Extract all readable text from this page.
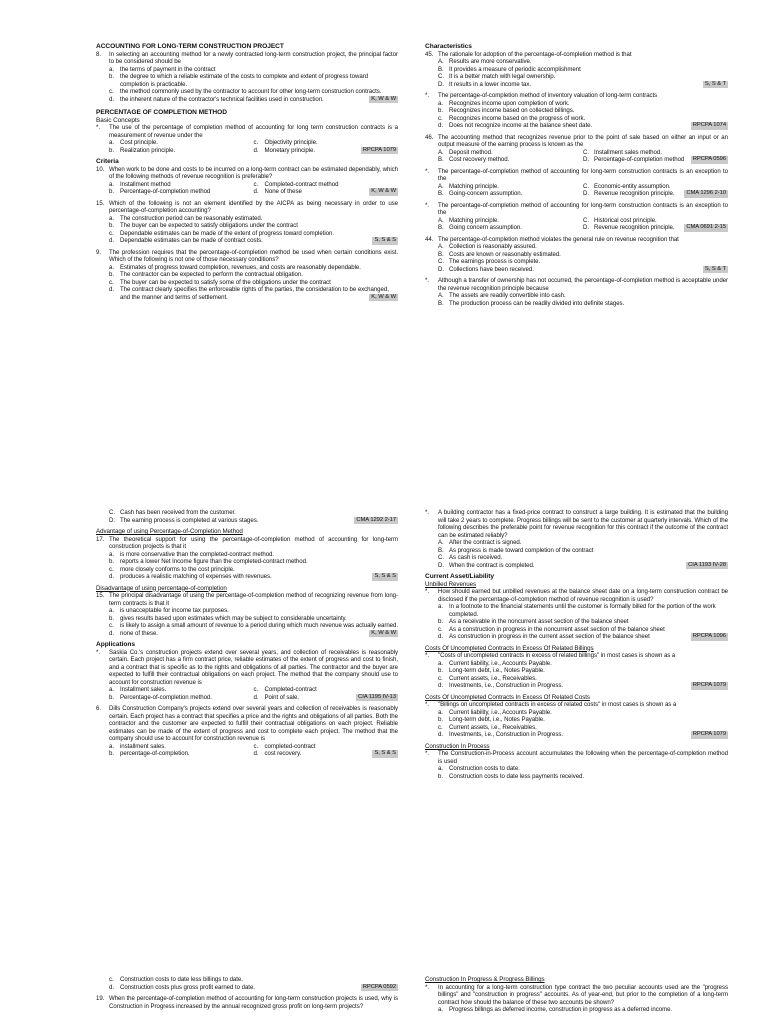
ACCOUNTING FOR LONG-TERM CONSTRUCTION PROJECT
8. In selecting an accounting method for a newly contracted long-term construction project, the principal factor to be considered should be
a. the terms of payment in the contract
b. the degree to which a reliable estimate of the costs to complete and extent of progress toward completion is practicable.
c. the method commonly used by the contractor to account for other long-term construction contracts.
d. the inherent nature of the contractor's technical facilities used in construction.	K, W & W
PERCENTAGE OF COMPLETION METHOD
Basic Concepts
*. The use of the percentage of completion method of accounting for long term construction contracts is a measurement of revenue under the
a. Cost principle.	c. Objectivity principle.
b. Realization principle.	d. Monetary principle.	RPCPA 1079
Criteria
10. When work to be done and costs to be incurred on a long-term contract can be estimated dependably, which of the following methods of revenue recognition is preferable?
a. Installment method	c. Completed-contract method
b. Percentage-of-completion method	d. None of these	K, W & W
15. Which of the following is not an element identified by the AICPA as being necessary in order to use percentage-of-completion accounting?
a. The construction period can be reasonably estimated.
b. The buyer can be expected to satisfy obligations under the contract
c. Dependable estimates can be made of the extent of progress toward completion.
d. Dependable estimates can be made of contract costs.	S, S & S
9. The profession requires that the percentage-of-completion method be used when certain conditions exist. Which of the following is not one of those necessary conditions?
a. Estimates of progress toward completion, revenues, and costs are reasonably dependable.
b. The contractor can be expected to perform the contractual obligation.
c. The buyer can be expected to satisfy some of the obligations under the contract
d. The contract clearly specifies the enforceable rights of the parties, the consideration to be exchanged, and the manner and terms of settlement.	K, W & W
Characteristics
45. The rationale for adoption of the percentage-of-completion method is that
A. Results are more conservative.
B. It provides a measure of periodic accomplishment
C. It is a better match with legal ownership.
D. It results in a lower income tax.	S, S & T
*. The percentage-of-completion method of inventory valuation of long-term contracts
a. Recognizes income upon completion of work.
b. Recognizes income based on collected billings.
c. Recognizes income based on the progress of work.
d. Does not recognize income at the balance sheet date.	RPCPA 1074
46. The accounting method that recognizes revenue prior to the point of sale based on either an input or an output measure of the earning process is known as the
A. Deposit method.	C. Installment sales method.
B. Cost recovery method.	D. Percentage-of-completion method	RPCPA 0596
*. The percentage-of-completion method of accounting for long-term construction contracts is an exception to the
A. Matching principle.	C. Economic-entity assumption.
B. Going-concern assumption.	D. Revenue recognition principle.	CMA 1296 2-10
*. The percentage-of-completion method of accounting for long-term construction contracts is an exception to the
A. Matching principle.	C. Historical cost principle.
B. Going concern assumption.	D. Revenue recognition principle.	CMA 0691 2-15
44. The percentage-of-completion method violates the general rule on revenue recognition that
A. Collection is reasonably assured.
B. Costs are known or reasonably estimated.
C. The earnings process is complete.
D. Collections have been received.	S, S & T
*. Although a transfer of ownership has not occurred, the percentage-of-completion method is acceptable under the revenue recognition principle because
A. The assets are readily convertible into cash.
B. The production process can be readily divided into definite stages.
C. Cash has been received from the customer.
D. The earning process is completed at various stages.	CMA 1292 2-17
Advantage of using Percentage-of-Completion Method
17. The theoretical support for using the percentage-of-completion method of accounting for long-term construction projects is that it
a. is more conservative than the completed-contract method.
b. reports a lower Net Income figure than the completed-contract method.
c. more closely conforms to the cost principle.
d. produces a realistic matching of expenses with revenues.	S, S & S
Disadvantage of using percentage-of-completion
15. The principal disadvantage of using the percentage-of-completion method of recognizing revenue from long-term contracts is that it
a. is unacceptable for income tax purposes.
b. gives results based upon estimates which may be subject to considerable uncertainty.
c. is likely to assign a small amount of revenue to a period during which much revenue was actually earned.
d. none of these.	K, W & W
Applications
*. Saskia Co.'s construction projects extend over several years, and collection of receivables is reasonably certain. Each project has a firm contract price, reliable estimates of the extent of progress and cost to finish, and a contract that is specific as to the rights and obligations of all parties. The contractor and the buyer are expected to fulfill their contractual obligations on each project. The method that the company should use to account for construction revenue is
a. Installment sales.	c. Completed-contract
b. Percentage-of-completion method.	d. Point of sale.	CIA 1195 IV-13
6. Dills Construction Company's projects extend over several years and collection of receivables is reasonably certain. Each project has a contract that specifies a price and the rights and obligations of all parties. Both the contractor and the customer are expected to fulfill their contractual obligations on each project. Reliable estimates can be made of the extent of progress and cost to complete each project. The method that the company should use to account for construction revenue is
a. installment sales.	c. completed-contract
b. percentage-of-completion.	d. cost recovery.	S, S & S
*. A building contractor has a fixed-price contract to construct a large building. It is estimated that the building will take 2 years to complete. Progress billings will be sent to the customer at quarterly intervals. Which of the following describes the preferable point for revenue recognition for this contract if the outcome of the contract can be estimated reliably?
A. After the contract is signed.
B. As progress is made toward completion of the contract
C. As cash is received.
D. When the contract is completed.	CIA 1193 IV-28
Current Asset/Liability
Unbilled Revenues
*. How should earned but unbilled revenues at the balance sheet date on a long-term construction contract be disclosed if the percentage-of-completion method of revenue recognition is used?
a. In a footnote to the financial statements until the customer is formally billed for the portion of the work completed.
b. As a receivable in the noncurrent asset section of the balance sheet
c. As a construction in progress in the noncurrent asset section of the balance sheet
d. As construction in progress in the current asset section of the balance sheet	RPCPA 1096
Costs Of Uncompleted Contracts In Excess Of Related Billings
*. "Costs of uncompleted contracts in excess of related billings" in most cases is shown as a
a. Current liability, i.e., Accounts Payable.
b. Long-term debt, i.e., Notes Payable.
c. Current assets, i.e., Receivables.
d. Investments, i.e., Construction in Progress.	RPCPA 1079
Costs Of Uncompleted Contracts In Excess Of Related Costs
*. "Billings on uncompleted contracts in excess of related costs" in most cases is shown as a
a. Current liability, i.e., Accounts Payable.
b. Long-term debt, i.e., Notes Payable.
c. Current assets, i.e., Receivables.
d. Investments, i.e., Construction in Progress.	RPCPA 1079
Construction In Process
*. The Construction-in-Process account accumulates the following when the percentage-of-completion method is used
a. Construction costs to date.
b. Construction costs to date less payments received.
c. Construction costs to date less billings to date.
d. Construction costs plus gross profit earned to date.	RPCPA 0592
19. When the percentage-of-completion method of accounting for long-term construction projects is used, why is Construction in Progress increased by the annual recognized gross profit on long-term projects?
Construction In Progress & Progress Billings
*. In accounting for a long-term construction type contract the two peculiar accounts used are the "progress billings" and "construction in progress" accounts. As of year-end, but prior to the completion of a long-term contract how should the balance of these two accounts be shown?
a. Progress billings as deferred income, construction in progress as a deferred income.
